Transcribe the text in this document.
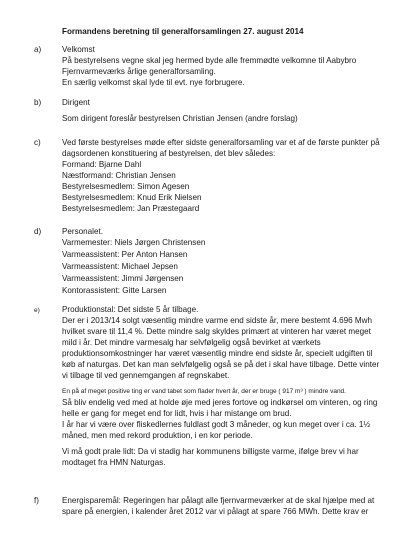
Formandens beretning til generalforsamlingen 27. august 2014
a)	Velkomst
På bestyrelsens vegne skal jeg hermed byde alle fremmødte velkomne til Aabybro
Fjernvarmeværks årlige generalforsamling.
En særlig velkomst skal lyde til evt. nye forbrugere.
b)	Dirigent
Som dirigent foreslår bestyrelsen Christian Jensen (andre forslag)
c)	Ved første bestyrelses møde efter sidste generalforsamling var et af de første punkter på
dagsordenen konstituering af bestyrelsen, det blev således:
Formand: Bjarne Dahl
Næstformand: Christian Jensen
Bestyrelsesmedlem: Simon Agesen
Bestyrelsesmedlem: Knud Erik Nielsen
Bestyrelsesmedlem: Jan Præstegaard
d)	Personalet.
Varmemester: Niels Jørgen Christensen
Varmeassistent: Per Anton Hansen
Varmeassistent: Michael Jepsen
Varmeassistent: Jimmi Jørgensen
Kontorassistent: Gitte Larsen
e)	Produktionstal: Det sidste 5 år tilbage.
Der er i 2013/14 solgt væsentlig mindre varme end sidste år, mere bestemt 4.696 Mwh
hvilket svare til 11,4 %. Dette mindre salg skyldes primært at vinteren har været meget
mild i år. Det mindre varmesalg har selvfølgelig også bevirket at værkets
produktionsomkostninger har været væsentlig mindre end sidste år, specielt udgiften til
køb af naturgas. Det kan man selvfølgelig også se på det i skal have tilbage. Dette vinter
vi tilbage til ved gennemgangen af regnskabet.
En på af meget positive ting er vand tabet som flader hvert år, der er bruge ( 917 m³ ) mindre vand.
Så bliv endelig ved med at holde øje med jeres fortove og indkørsel om vinteren, og ring
helle er gang for meget end for lidt, hvis i har mistange om brud.
I år har vi være over fliskedlernes fuldlast godt 3 måneder, og kun meget over i ca. 1½
måned, men med rekord produktion, i en kor periode.
Vi må godt prale lidt: Da vi stadig har kommunens billigste varme, ifølge brev vi har
modtaget fra HMN Naturgas.
f)	Energisparemål: Regeringen har pålagt alle fjernvarmeværker at de skal hjælpe med at
spare på energien, i kalender året 2012 var vi pålagt at spare 766 MWh. Dette krav er
